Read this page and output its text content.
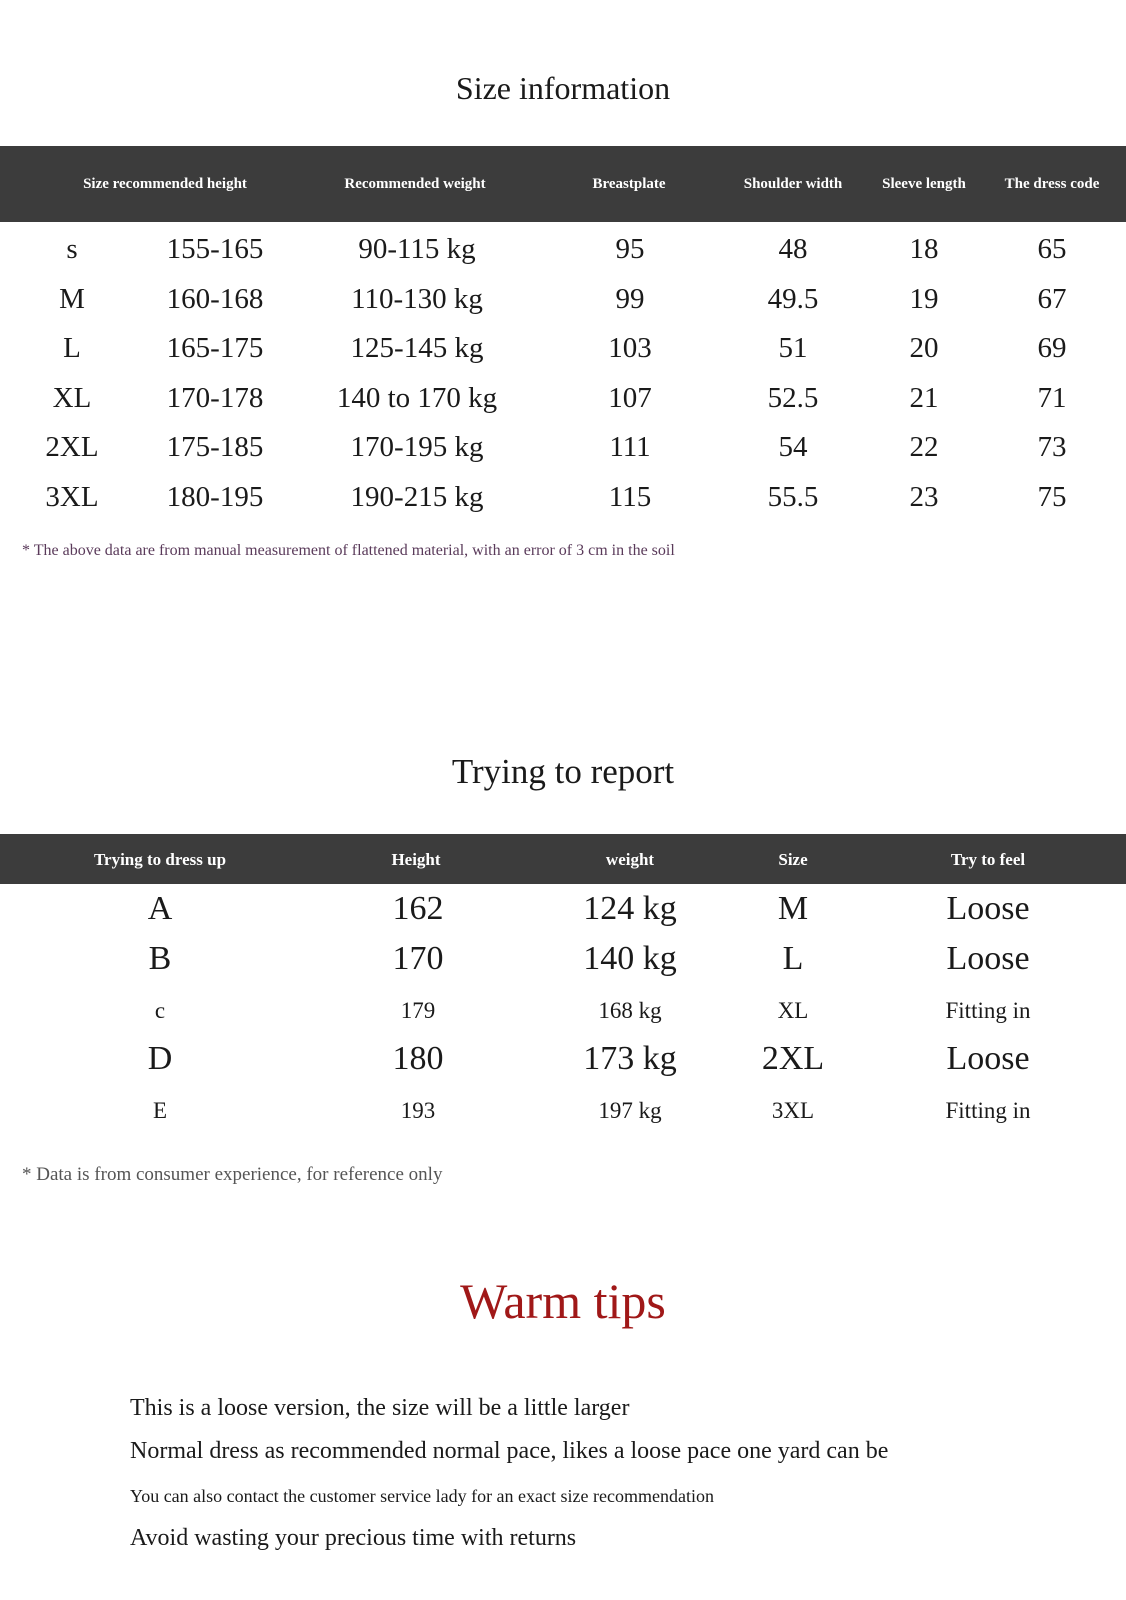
Size information
Size recommended height	Recommended weight	Breastplate	Shoulder width	Sleeve length	The dress code
s	155-165	90-115 kg	95	48	18	65
M	160-168	110-130 kg	99	49.5	19	67
L	165-175	125-145 kg	103	51	20	69
XL	170-178	140 to 170 kg	107	52.5	21	71
2XL 175-185	170-195 kg	111	54	22	73
3XL 180-195	190-215 kg	115	55.5	23	75
* The above data are from manual measurement of flattened material, with an error of 3 cm in the soil
Trying to report
Trying to dress up	Height	weight	Size	Try to feel
A	162	124 kg	M	Loose
B	170	140 kg	L	Loose
c	179	168 kg	XL	Fitting in
D	180	173 kg	2XL	Loose
E	193	197 kg	3XL	Fitting in
* Data is from consumer experience, for reference only
Warm tips
This is a loose version, the size will be a little larger
Normal dress as recommended normal pace, likes a loose pace one yard can be
You can also contact the customer service lady for an exact size recommendation
Avoid wasting your precious time with returns
